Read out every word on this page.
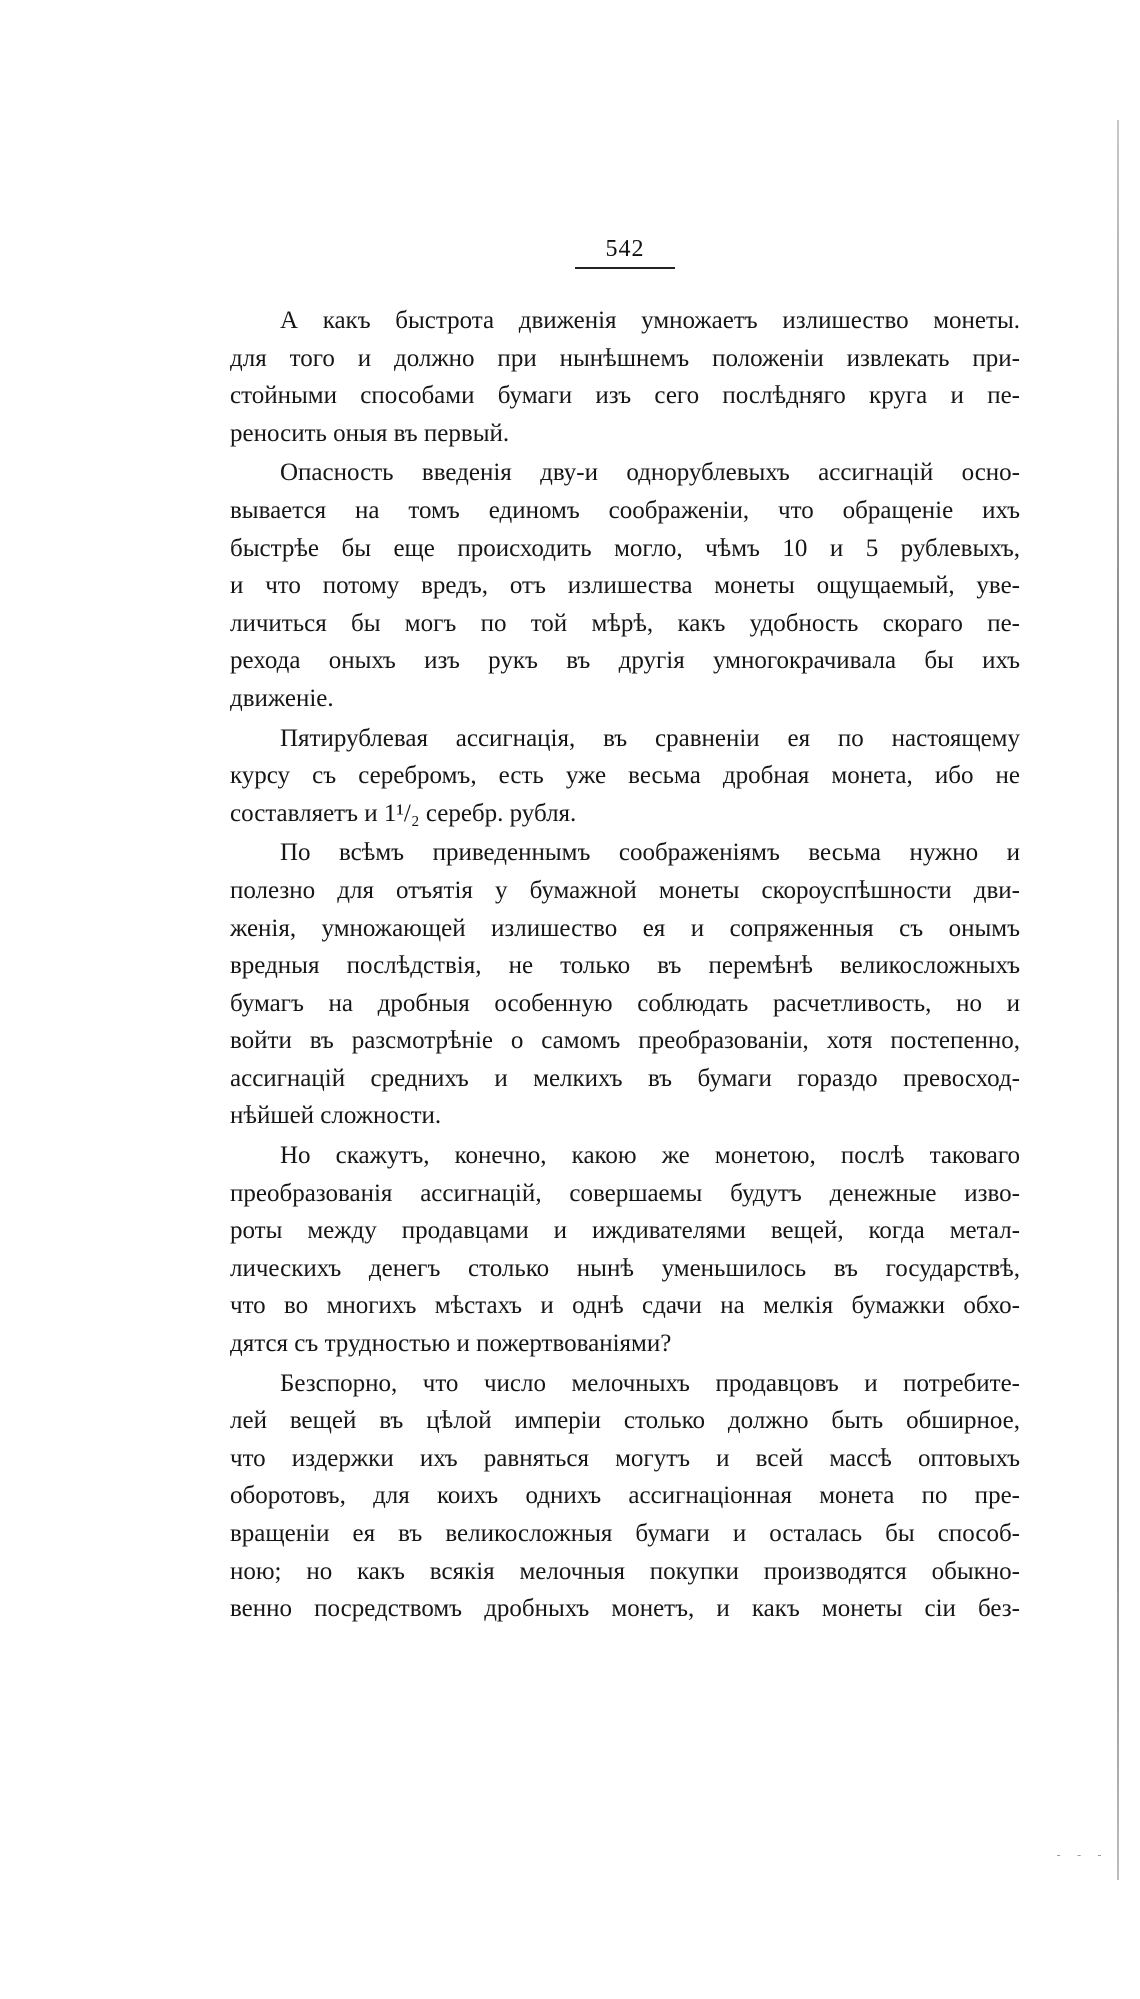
542

А какъ быстрота движенія умножаетъ излишество монеты.
для того и должно при нынѣшнемъ положеніи извлекать при-
стойными способами бумаги изъ сего послѣдняго круга и пе-
реносить оныя въ первый.

Опасность введенія дву-и однорублевыхъ ассигнацій осно-
вывается на томъ единомъ соображеніи, что обращеніе ихъ
быстрѣе бы еще происходить могло, чѣмъ 10 и 5 рублевыхъ,
и что потому вредъ, отъ излишества монеты ощущаемый, уве-
личиться бы могъ по той мѣрѣ, какъ удобность скораго пе-
рехода оныхъ изъ рукъ въ другія умногокрачивала бы ихъ
движеніе.

Пятирублевая ассигнація, въ сравненіи ея по настоящему
курсу съ серебромъ, есть уже весьма дробная монета, ибо не
составляетъ и 1¹/₂ серебр. рубля.

По всѣмъ приведеннымъ соображеніямъ весьма нужно и
полезно для отъятія у бумажной монеты скороуспѣшности дви-
женія, умножающей излишество ея и сопряженныя съ онымъ
вредныя послѣдствія, не только въ перемѣнѣ великосложныхъ
бумагъ на дробныя особенную соблюдать расчетливость, но и
войти въ разсмотрѣніе о самомъ преобразованіи, хотя постепенно,
ассигнацій среднихъ и мелкихъ въ бумаги гораздо превосход-
нѣйшей сложности.

Но скажутъ, конечно, какою же монетою, послѣ таковаго
преобразованія ассигнацій, совершаемы будутъ денежные изво-
роты между продавцами и иждивателями вещей, когда метал-
лическихъ денегъ столько нынѣ уменьшилось въ государствѣ,
что во многихъ мѣстахъ и однѣ сдачи на мелкія бумажки обхо-
дятся съ трудностью и пожертвованіями?

Безспорно, что число мелочныхъ продавцовъ и потребите-
лей вещей въ цѣлой имперіи столько должно быть обширное,
что издержки ихъ равняться могутъ и всей массѣ оптовыхъ
оборотовъ, для коихъ однихъ ассигнаціонная монета по пре-
вращеніи ея въ великосложныя бумаги и осталась бы способ-
ною; но какъ всякія мелочныя покупки производятся обыкно-
венно посредствомъ дробныхъ монетъ, и какъ монеты сіи без-

- - -
